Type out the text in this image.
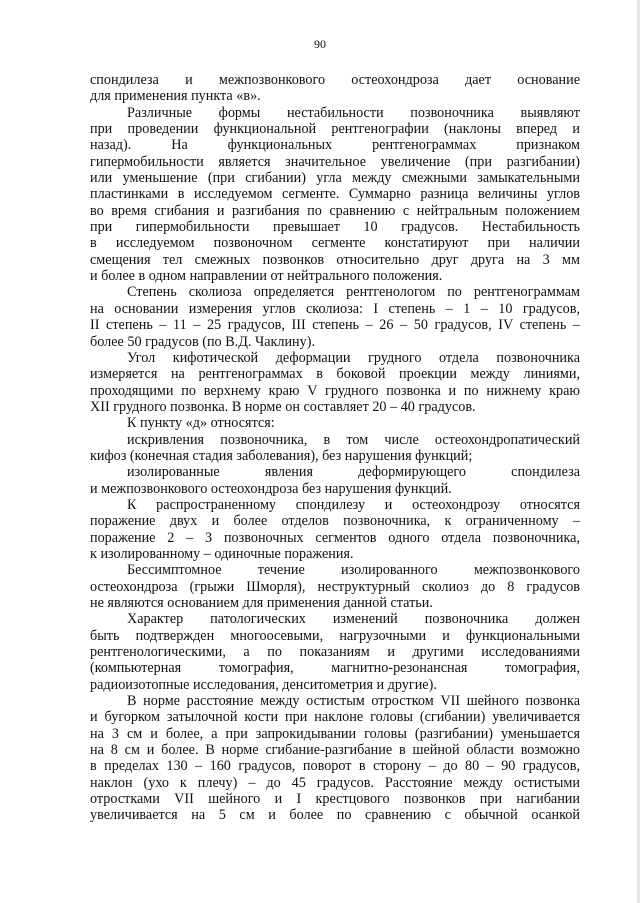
90

спондилеза и межпозвонкового остеохондроза дает основание

для применения пункта «в».

Различные формы нестабильности позвоночника выявляют

при проведении функциональной рентгенографии (наклоны вперед и

назад). На функциональных рентгенограммах признаком

гипермобильности является значительное увеличение (при разгибании)

или уменьшение (при сгибании) угла между смежными замыкательными

пластинками в исследуемом сегменте. Суммарно разница величины углов

во время сгибания и разгибания по сравнению с нейтральным положением

при гипермобильности превышает 10 градусов. Нестабильность

в исследуемом позвоночном сегменте констатируют при наличии

смещения тел смежных позвонков относительно друг друга на 3 мм

и более в одном направлении от нейтрального положения.

Степень сколиоза определяется рентгенологом по рентгенограммам

на основании измерения углов сколиоза: I степень – 1 – 10 градусов,

II степень – 11 – 25 градусов, III степень – 26 – 50 градусов, IV степень –

более 50 градусов (по В.Д. Чаклину).

Угол кифотической деформации грудного отдела позвоночника

измеряется на рентгенограммах в боковой проекции между линиями,

проходящими по верхнему краю V грудного позвонка и по нижнему краю

XII грудного позвонка. В норме он составляет 20 – 40 градусов.

К пункту «д» относятся:

искривления позвоночника, в том числе остеохондропатический

кифоз (конечная стадия заболевания), без нарушения функций;

изолированные явления деформирующего спондилеза

и межпозвонкового остеохондроза без нарушения функций.

К распространенному спондилезу и остеохондрозу относятся

поражение двух и более отделов позвоночника, к ограниченному –

поражение 2 – 3 позвоночных сегментов одного отдела позвоночника,

к изолированному – одиночные поражения.

Бессимптомное течение изолированного межпозвонкового

остеохондроза (грыжи Шморля), неструктурный сколиоз до 8 градусов

не являются основанием для применения данной статьи.

Характер патологических изменений позвоночника должен

быть подтвержден многоосевыми, нагрузочными и функциональными

рентгенологическими, а по показаниям и другими исследованиями

(компьютерная томография, магнитно-резонансная томография,

радиоизотопные исследования, денситометрия и другие).

В норме расстояние между остистым отростком VII шейного позвонка

и бугорком затылочной кости при наклоне головы (сгибании) увеличивается

на 3 см и более, а при запрокидывании головы (разгибании) уменьшается

на 8 см и более. В норме сгибание-разгибание в шейной области возможно

в пределах 130 – 160 градусов, поворот в сторону – до 80 – 90 градусов,

наклон (ухо к плечу) – до 45 градусов. Расстояние между остистыми

отростками VII шейного и I крестцового позвонков при нагибании

увеличивается на 5 см и более по сравнению с обычной осанкой
